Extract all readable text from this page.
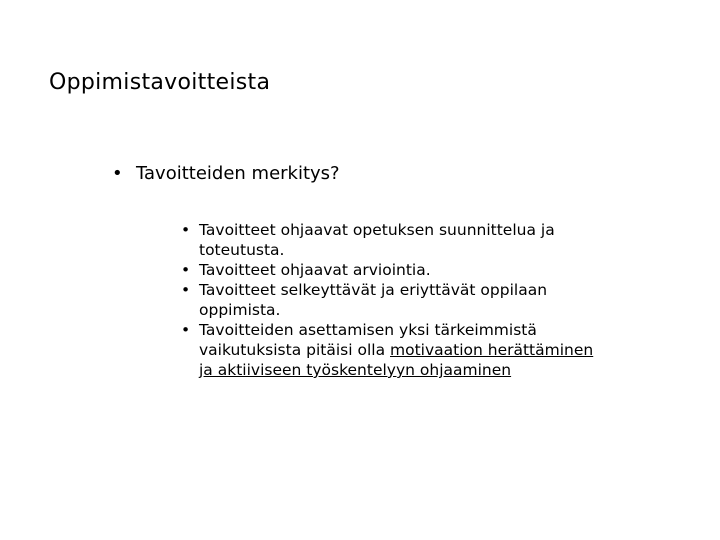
Oppimistavoitteista
• Tavoitteiden merkitys?
• Tavoitteet ohjaavat opetuksen suunnittelua ja
toteutusta.
• Tavoitteet ohjaavat arviointia.
• Tavoitteet selkeyttävät ja eriyttävät oppilaan
oppimista.
• Tavoitteiden asettamisen yksi tärkeimmistä
vaikutuksista pitäisi olla motivaation herättäminen
ja aktiiviseen työskentelyyn ohjaaminen
